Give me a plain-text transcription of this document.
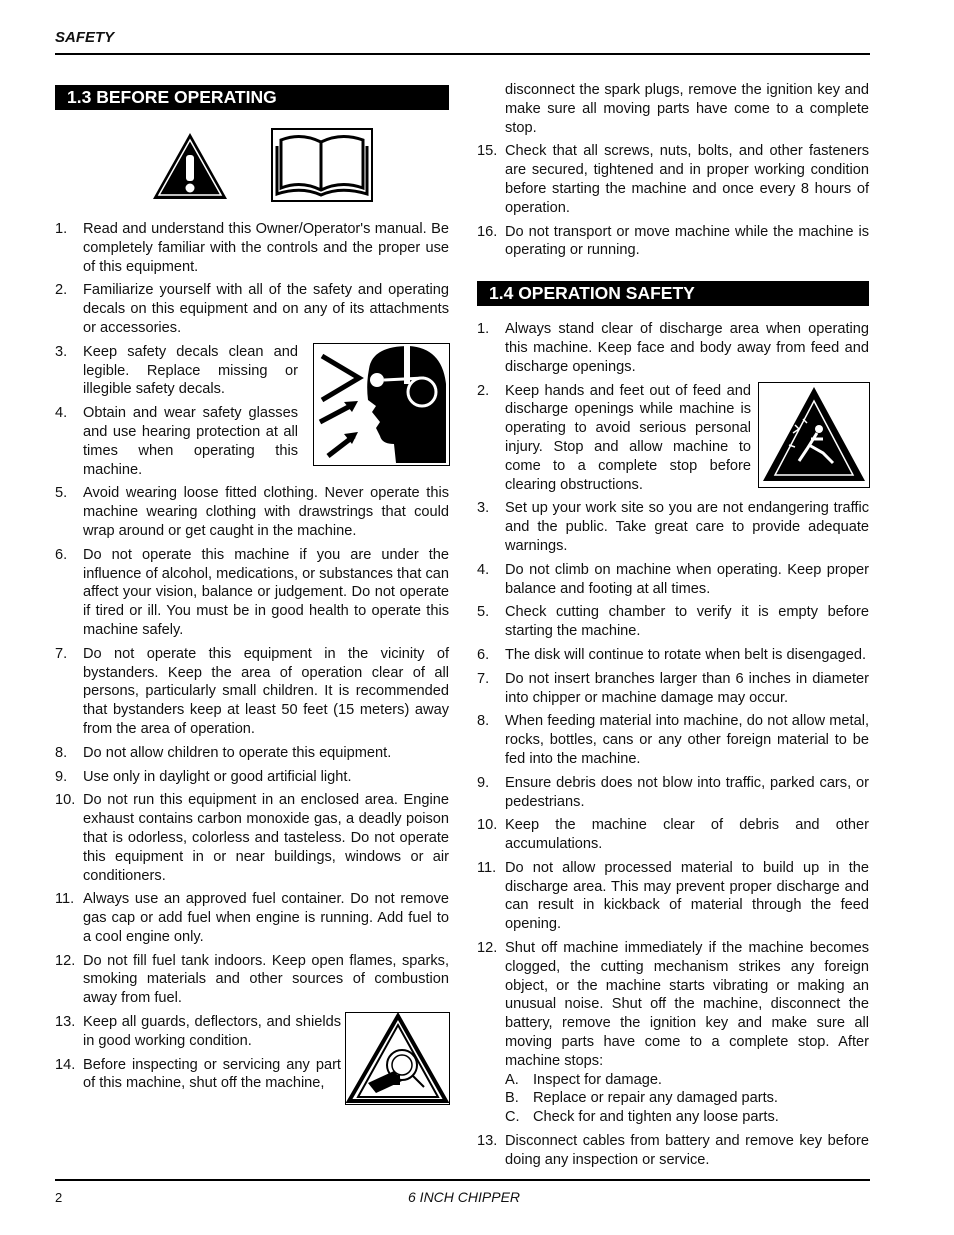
SAFETY
1.3 BEFORE OPERATING
1. Read and understand this Owner/Operator's manual. Be completely familiar with the controls and the proper use of this equipment.
2. Familiarize yourself with all of the safety and operating decals on this equipment and on any of its attachments or accessories.
3. Keep safety decals clean and legible. Replace missing or illegible safety decals.
4. Obtain and wear safety glasses and use hearing protection at all times when operating this machine.
5. Avoid wearing loose fitted clothing. Never operate this machine wearing clothing with drawstrings that could wrap around or get caught in the machine.
6. Do not operate this machine if you are under the influence of alcohol, medications, or substances that can affect your vision, balance or judgement. Do not operate if tired or ill. You must be in good health to operate this machine safely.
7. Do not operate this equipment in the vicinity of bystanders. Keep the area of operation clear of all persons, particularly small children. It is recommended that bystanders keep at least 50 feet (15 meters) away from the area of operation.
8. Do not allow children to operate this equipment.
9. Use only in daylight or good artificial light.
10. Do not run this equipment in an enclosed area. Engine exhaust contains carbon monoxide gas, a deadly poison that is odorless, colorless and tasteless. Do not operate this equipment in or near buildings, windows or air conditioners.
11. Always use an approved fuel container. Do not remove gas cap or add fuel when engine is running. Add fuel to a cool engine only.
12. Do not fill fuel tank indoors. Keep open flames, sparks, smoking materials and other sources of combustion away from fuel.
13. Keep all guards, deflectors, and shields in good working condition.
14. Before inspecting or servicing any part of this machine, shut off the machine,
disconnect the spark plugs, remove the ignition key and make sure all moving parts have come to a complete stop.
15. Check that all screws, nuts, bolts, and other fasteners are secured, tightened and in proper working condition before starting the machine and once every 8 hours of operation.
16. Do not transport or move machine while the machine is operating or running.
1.4 OPERATION SAFETY
1. Always stand clear of discharge area when operating this machine. Keep face and body away from feed and discharge openings.
2. Keep hands and feet out of feed and discharge openings while machine is operating to avoid serious personal injury. Stop and allow machine to come to a complete stop before clearing obstructions.
3. Set up your work site so you are not endangering traffic and the public. Take great care to provide adequate warnings.
4. Do not climb on machine when operating. Keep proper balance and footing at all times.
5. Check cutting chamber to verify it is empty before starting the machine.
6. The disk will continue to rotate when belt is disengaged.
7. Do not insert branches larger than 6 inches in diameter into chipper or machine damage may occur.
8. When feeding material into machine, do not allow metal, rocks, bottles, cans or any other foreign material to be fed into the machine.
9. Ensure debris does not blow into traffic, parked cars, or pedestrians.
10. Keep the machine clear of debris and other accumulations.
11. Do not allow processed material to build up in the discharge area. This may prevent proper discharge and can result in kickback of material through the feed opening.
12. Shut off machine immediately if the machine becomes clogged, the cutting mechanism strikes any foreign object, or the machine starts vibrating or making an unusual noise. Shut off the machine, disconnect the battery, remove the ignition key and make sure all moving parts have come to a complete stop. After machine stops:
A. Inspect for damage.
B. Replace or repair any damaged parts.
C. Check for and tighten any loose parts.
13. Disconnect cables from battery and remove key before doing any inspection or service.
2	6 INCH CHIPPER
